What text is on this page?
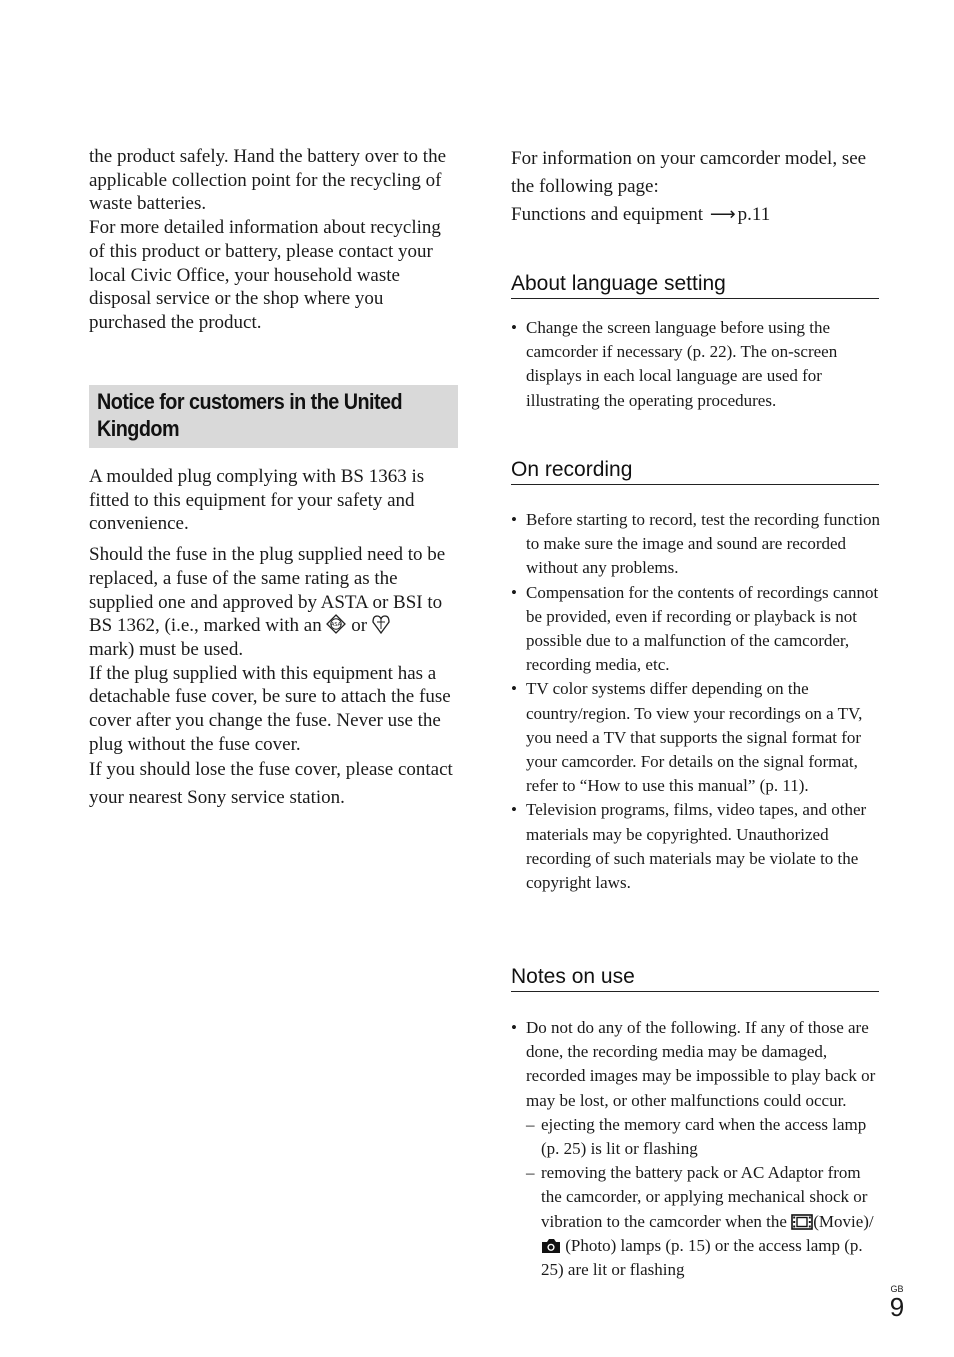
the product safely. Hand the battery over to the applicable collection point for the recycling of waste batteries.

For more detailed information about recycling of this product or battery, please contact your local Civic Office, your household waste disposal service or the shop where you purchased the product.

Notice for customers in the United Kingdom

A moulded plug complying with BS 1363 is fitted to this equipment for your safety and convenience.

Should the fuse in the plug supplied need to be replaced, a fuse of the same rating as the supplied one and approved by ASTA or BSI to BS 1362, (i.e., marked with an ASA or
mark) must be used.

If the plug supplied with this equipment has a detachable fuse cover, be sure to attach the fuse cover after you change the fuse. Never use the plug without the fuse cover.

If you should lose the fuse cover, please contact your nearest Sony service station.

For information on your camcorder model, see the following page:
Functions and equipment ⟶ p.11

About language setting
• Change the screen language before using the camcorder if necessary (p. 22). The on-screen displays in each local language are used for illustrating the operating procedures.
On recording
• Before starting to record, test the recording function to make sure the image and sound are recorded without any problems.
• Compensation for the contents of recordings cannot be provided, even if recording or playback is not possible due to a malfunction of the camcorder, recording media, etc.
• TV color systems differ depending on the country/region. To view your recordings on a TV, you need a TV that supports the signal format for your camcorder. For details on the signal format, refer to “How to use this manual” (p. 11).
• Television programs, films, video tapes, and other materials may be copyrighted. Unauthorized recording of such materials may be violate to the copyright laws.
Notes on use
• Do not do any of the following. If any of those are done, the recording media may be damaged, recorded images may be impossible to play back or may be lost, or other malfunctions could occur.
– ejecting the memory card when the access lamp (p. 25) is lit or flashing
– removing the battery pack or AC Adaptor from the camcorder, or applying mechanical shock or vibration to the camcorder when the (Movie)/  (Photo) lamps (p. 15) or the access lamp (p. 25) are lit or flashing
GB
9
